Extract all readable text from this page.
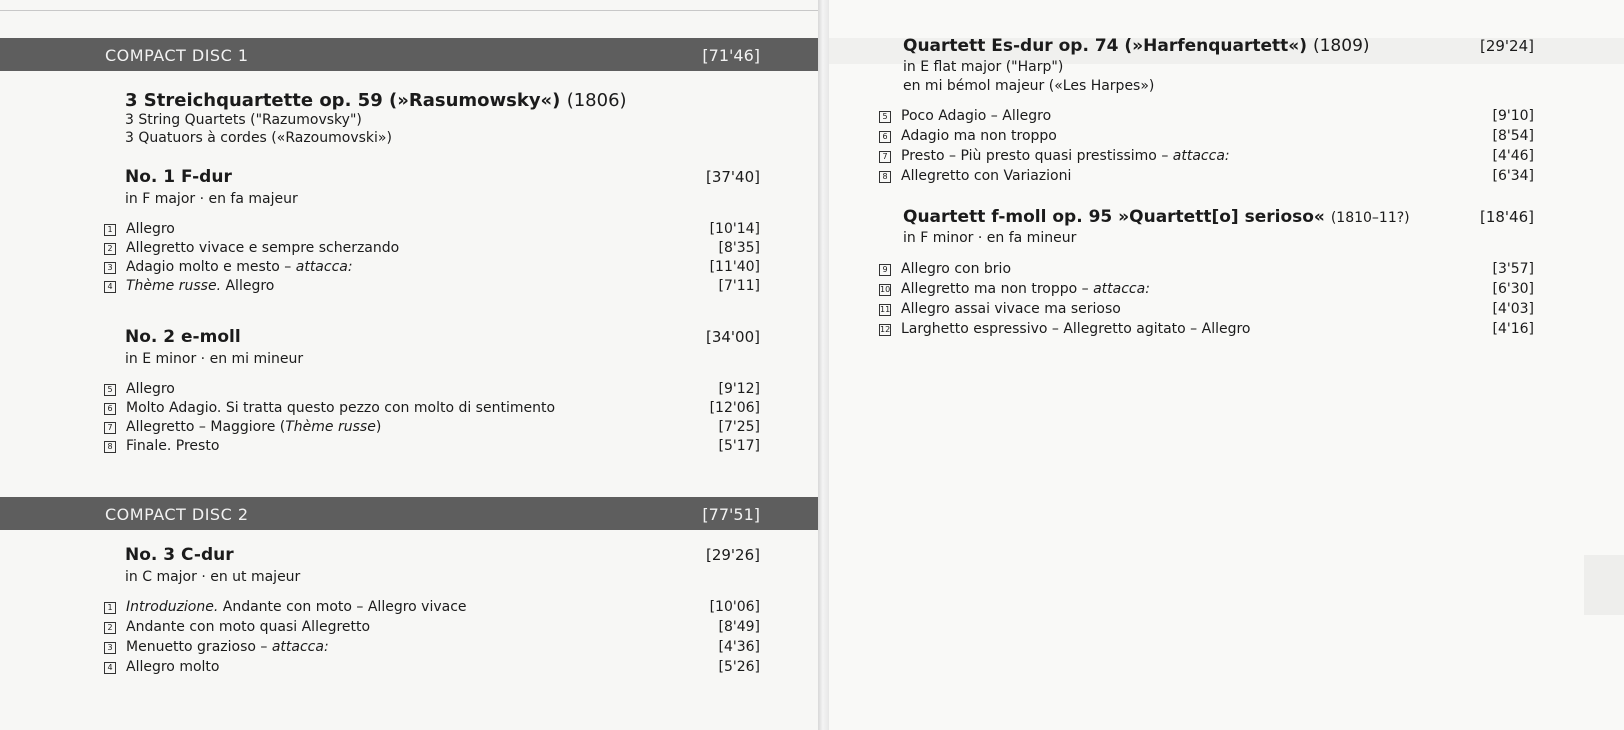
COMPACT DISC 1	[71'46]
3 Streichquartette op. 59 (»Rasumowsky«) (1806)
3 String Quartets ("Razumovsky")
3 Quatuors à cordes («Razoumovski»)
No. 1 F-dur	[37'40]
in F major · en fa majeur
1 Allegro	[10'14]
2 Allegretto vivace e sempre scherzando	[8'35]
3 Adagio molto e mesto – attacca:	[11'40]
4 Thème russe. Allegro	[7'11]
No. 2 e-moll	[34'00]
in E minor · en mi mineur
5 Allegro	[9'12]
6 Molto Adagio. Si tratta questo pezzo con molto di sentimento	[12'06]
7 Allegretto – Maggiore (Thème russe)	[7'25]
8 Finale. Presto	[5'17]
COMPACT DISC 2	[77'51]
No. 3 C-dur	[29'26]
in C major · en ut majeur
1 Introduzione. Andante con moto – Allegro vivace	[10'06]
2 Andante con moto quasi Allegretto	[8'49]
3 Menuetto grazioso – attacca:	[4'36]
4 Allegro molto	[5'26]
Quartett Es-dur op. 74 (»Harfenquartett«) (1809)	[29'24]
in E flat major ("Harp")
en mi bémol majeur («Les Harpes»)
5 Poco Adagio – Allegro	[9'10]
6 Adagio ma non troppo	[8'54]
7 Presto – Più presto quasi prestissimo – attacca:	[4'46]
8 Allegretto con Variazioni	[6'34]
Quartett f-moll op. 95 »Quartett[o] serioso« (1810–11?)	[18'46]
in F minor · en fa mineur
9 Allegro con brio	[3'57]
10 Allegretto ma non troppo – attacca:	[6'30]
11 Allegro assai vivace ma serioso	[4'03]
12 Larghetto espressivo – Allegretto agitato – Allegro	[4'16]
